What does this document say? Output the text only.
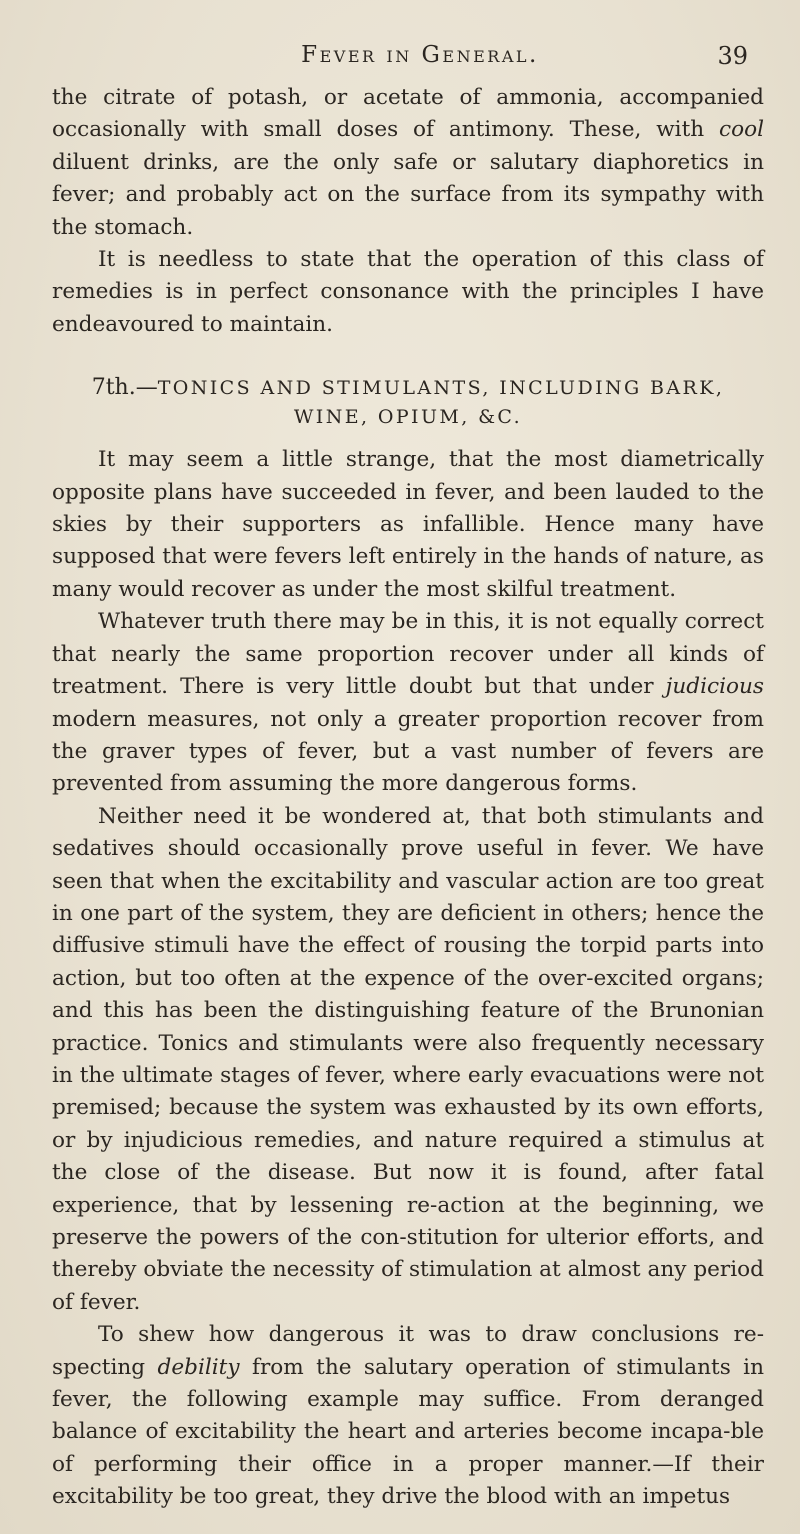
Fever in General.	39

the citrate of potash, or acetate of ammonia, accompanied occasionally with small doses of antimony. These, with cool diluent drinks, are the only safe or salutary diaphoretics in fever; and probably act on the surface from its sympathy with the stomach.

It is needless to state that the operation of this class of remedies is in perfect consonance with the principles I have endeavoured to maintain.

7th.—TONICS AND STIMULANTS, INCLUDING BARK, WINE, OPIUM, &C.

It may seem a little strange, that the most diametrically opposite plans have succeeded in fever, and been lauded to the skies by their supporters as infallible. Hence many have supposed that were fevers left entirely in the hands of nature, as many would recover as under the most skilful treatment.

Whatever truth there may be in this, it is not equally correct that nearly the same proportion recover under all kinds of treatment. There is very little doubt but that under judicious modern measures, not only a greater proportion recover from the graver types of fever, but a vast number of fevers are prevented from assuming the more dangerous forms.

Neither need it be wondered at, that both stimulants and sedatives should occasionally prove useful in fever. We have seen that when the excitability and vascular action are too great in one part of the system, they are deficient in others; hence the diffusive stimuli have the effect of rousing the torpid parts into action, but too often at the expence of the over-excited organs; and this has been the distinguishing feature of the Brunonian practice. Tonics and stimulants were also frequently necessary in the ultimate stages of fever, where early evacuations were not premised; because the system was exhausted by its own efforts, or by injudicious remedies, and nature required a stimulus at the close of the disease. But now it is found, after fatal experience, that by lessening re-action at the beginning, we preserve the powers of the con-stitution for ulterior efforts, and thereby obviate the necessity of stimulation at almost any period of fever.

To shew how dangerous it was to draw conclusions re-specting debility from the salutary operation of stimulants in fever, the following example may suffice. From deranged balance of excitability the heart and arteries become incapa-ble of performing their office in a proper manner.—If their excitability be too great, they drive the blood with an impetus
